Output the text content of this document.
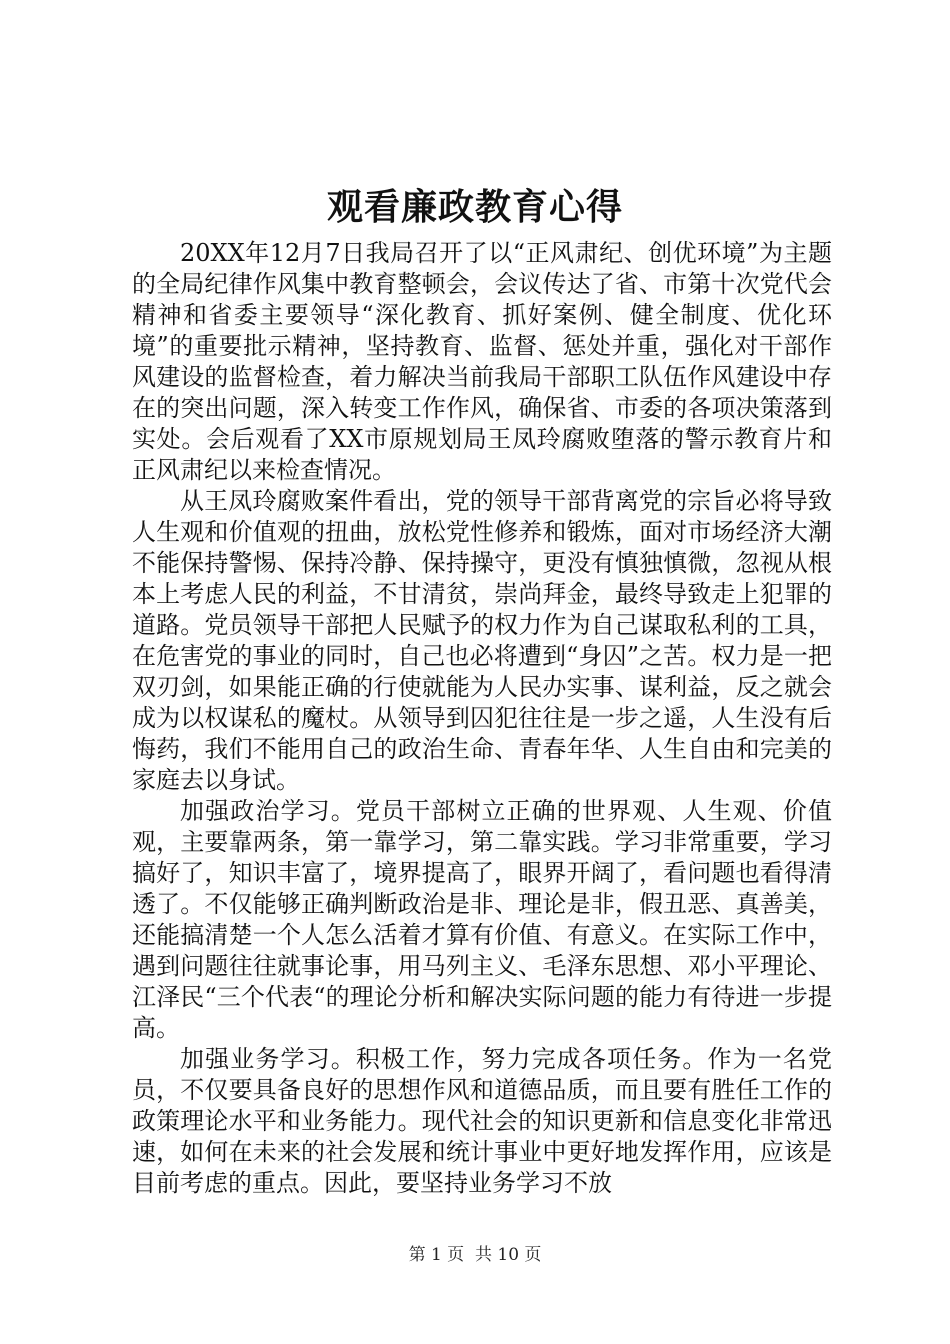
观看廉政教育心得

20XX年12月7日我局召开了以“正风肃纪、创优环境”为主题的全局纪律作风集中教育整顿会，会议传达了省、市第十次党代会精神和省委主要领导“深化教育、抓好案例、健全制度、优化环境”的重要批示精神，坚持教育、监督、惩处并重，强化对干部作风建设的监督检查，着力解决当前我局干部职工队伍作风建设中存在的突出问题，深入转变工作作风，确保省、市委的各项决策落到实处。会后观看了XX市原规划局王凤玲腐败堕落的警示教育片和正风肃纪以来检查情况。

从王凤玲腐败案件看出，党的领导干部背离党的宗旨必将导致人生观和价值观的扭曲，放松党性修养和锻炼，面对市场经济大潮不能保持警惕、保持冷静、保持操守，更没有慎独慎微，忽视从根本上考虑人民的利益，不甘清贫，崇尚拜金，最终导致走上犯罪的道路。党员领导干部把人民赋予的权力作为自己谋取私利的工具，在危害党的事业的同时，自己也必将遭到“身囚”之苦。权力是一把双刃剑，如果能正确的行使就能为人民办实事、谋利益，反之就会成为以权谋私的魔杖。从领导到囚犯往往是一步之遥，人生没有后悔药，我们不能用自己的政治生命、青春年华、人生自由和完美的家庭去以身试。

加强政治学习。党员干部树立正确的世界观、人生观、价值观，主要靠两条，第一靠学习，第二靠实践。学习非常重要，学习搞好了，知识丰富了，境界提高了，眼界开阔了，看问题也看得清透了。不仅能够正确判断政治是非、理论是非，假丑恶、真善美，还能搞清楚一个人怎么活着才算有价值、有意义。在实际工作中，遇到问题往往就事论事，用马列主义、毛泽东思想、邓小平理论、江泽民“三个代表“的理论分析和解决实际问题的能力有待进一步提高。

加强业务学习。积极工作，努力完成各项任务。作为一名党员，不仅要具备良好的思想作风和道德品质，而且要有胜任工作的政策理论水平和业务能力。现代社会的知识更新和信息变化非常迅速，如何在未来的社会发展和统计事业中更好地发挥作用，应该是目前考虑的重点。因此，要坚持业务学习不放

第 1 页  共 10 页
